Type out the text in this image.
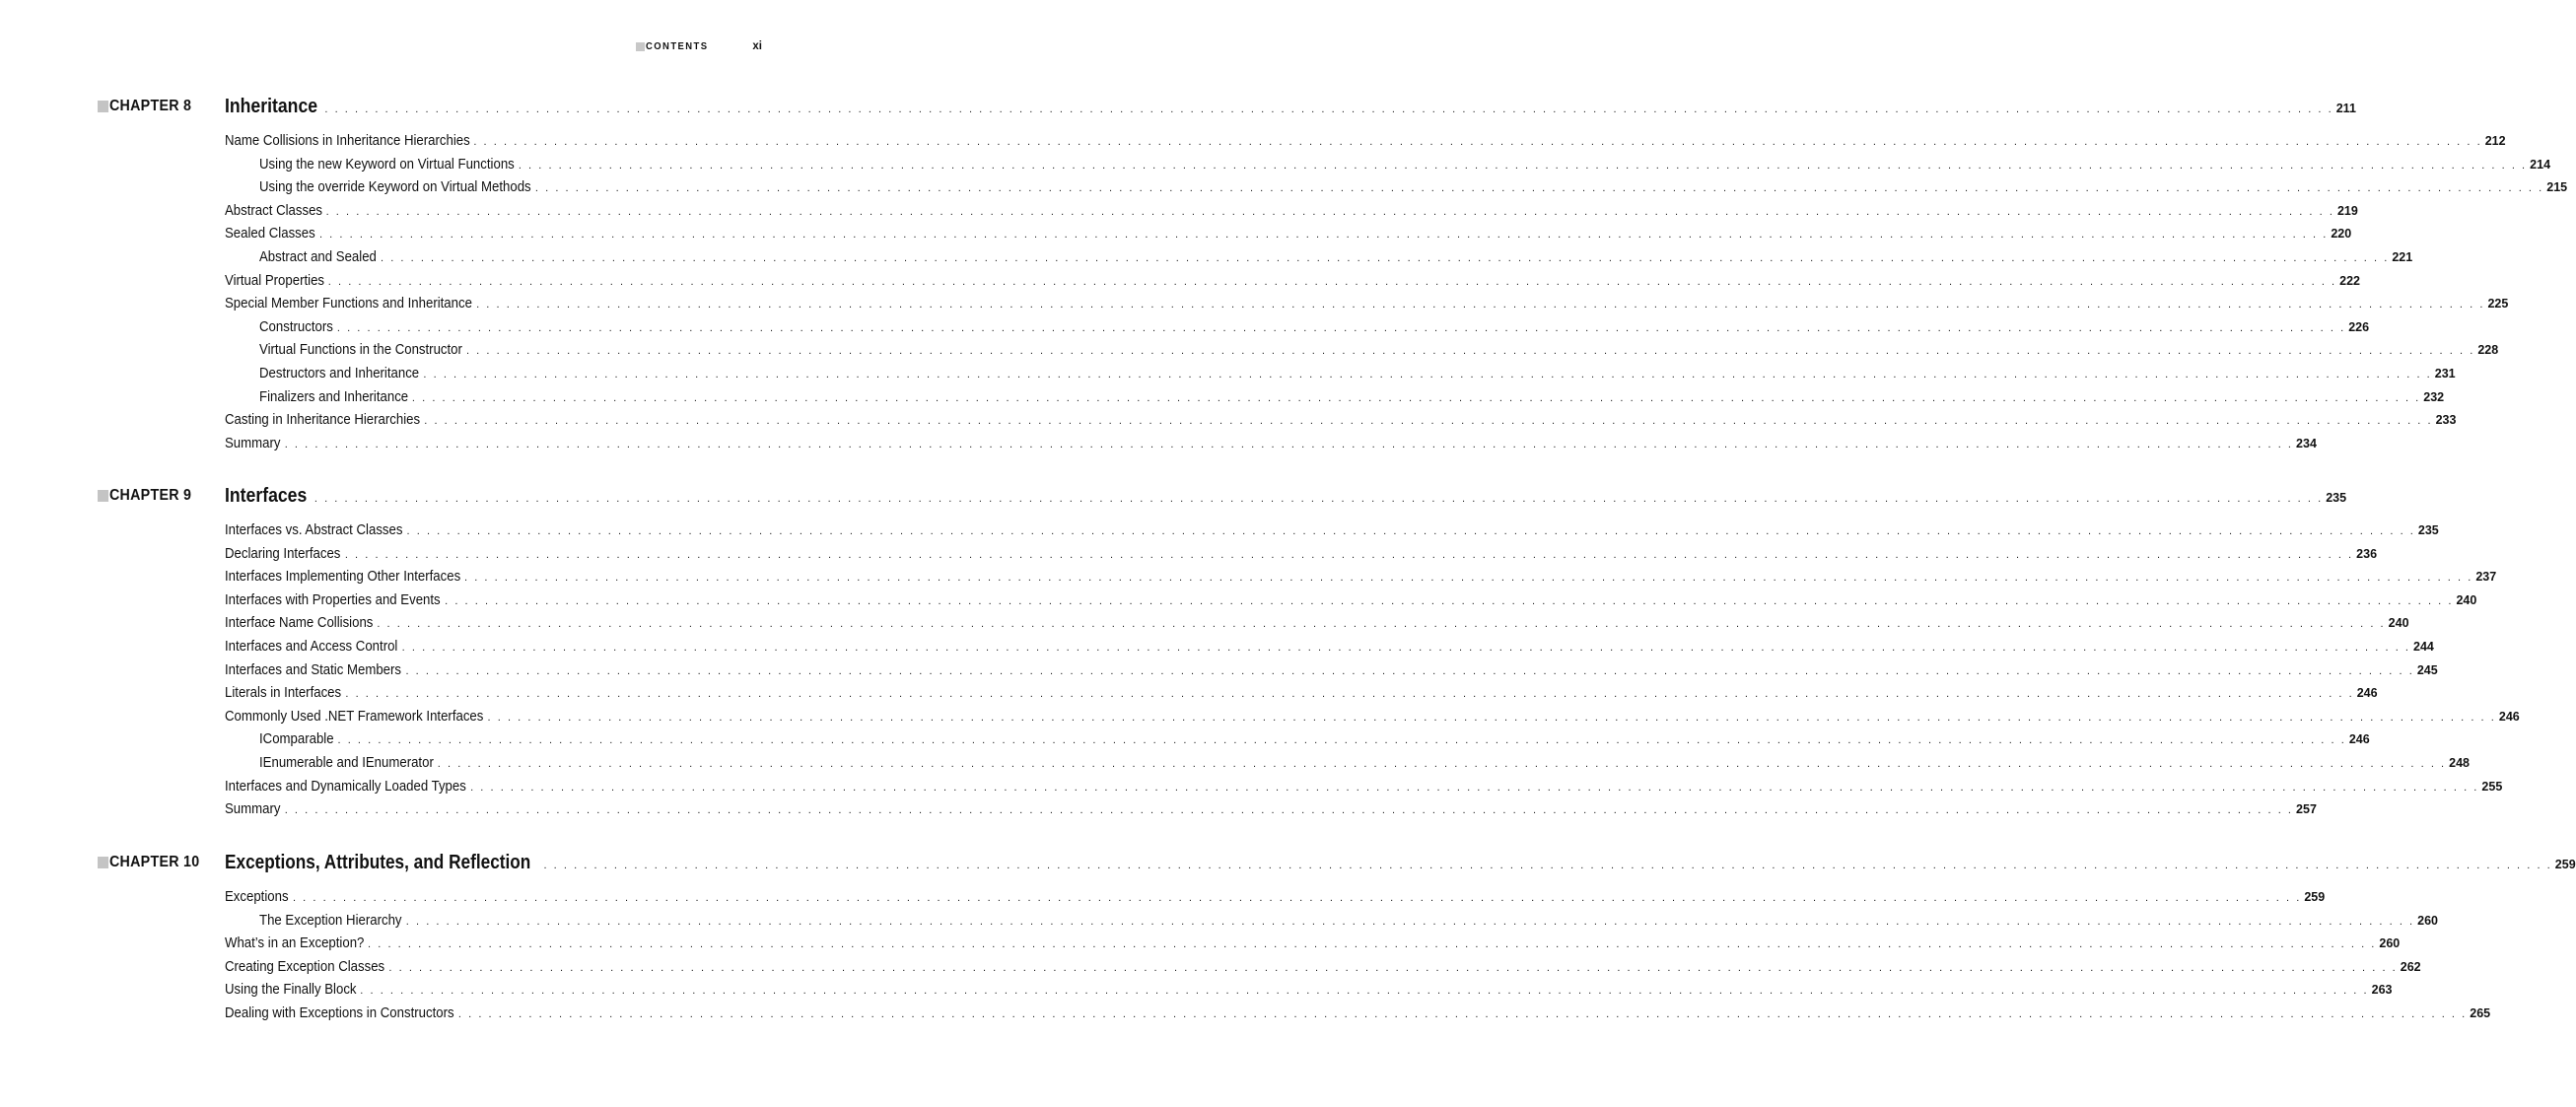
CONTENTS	xi
CHAPTER 8 Inheritance . . . . . . . . . . . . . . . . . . . . . . . . . . . . . . . . . . . . . . . . . . . . . . . . . . . . . . . . . . . . . . . . . . . . . . . . . . . . . . . . . . . . . . . . . . . . . . . . . . . . . . . . . . . . . . . . . . . . . . . . . . . . . . . . . . . . . . . . . . . . . . . . . . . . . . . . . . . . . . . . . . . . . . . . . . . . . . . . . . . . . . . . . . . . . . . . . . . . . . . . 211
Name Collisions in Inheritance Hierarchies . . . . . . . . . . . . . . . . . . . . . . . . . . . . . . . . . . . . . . . . . . . . . . . . . . . . . . . . . . . . . . . . . . . . . . . . . . . . . . . . . . . . . . . . . . . . . . . . . . . . . . . . . . . . . . . . . . . . . . . . . . . . . . . . . . . . . . . . . . . . . . . . . . . . . . . . . . . . . . . . . . . . . . . . . . . . . . . . . . . . . . . . . . . . . . . . . . . . . . . . 212
Using the new Keyword on Virtual Functions . . . . . . . . . . . . . . . . . . . . . . . . . . . . . . . . . . . . . . . . . . . . . . . . . . . . . . . . . . . . . . . . . . . . . . . . . . . . . . . . . . . . . . . . . . . . . . . . . . . . . . . . . . . . . . . . . . . . . . . . . . . . . . . . . . . . . . . . . . . . . . . . . . . . . . . . . . . . . . . . . . . . . . . . . . . . . . . . . . . . . . . . . . . . . . . . . . . . . . . . 214
Using the override Keyword on Virtual Methods . . . . . . . . . . . . . . . . . . . . . . . . . . . . . . . . . . . . . . . . . . . . . . . . . . . . . . . . . . . . . . . . . . . . . . . . . . . . . . . . . . . . . . . . . . . . . . . . . . . . . . . . . . . . . . . . . . . . . . . . . . . . . . . . . . . . . . . . . . . . . . . . . . . . . . . . . . . . . . . . . . . . . . . . . . . . . . . . . . . . . . . . . . . . . . . . . . . . . . . . 215
Abstract Classes . . . . . . . . . . . . . . . . . . . . . . . . . . . . . . . . . . . . . . . . . . . . . . . . . . . . . . . . . . . . . . . . . . . . . . . . . . . . . . . . . . . . . . . . . . . . . . . . . . . . . . . . . . . . . . . . . . . . . . . . . . . . . . . . . . . . . . . . . . . . . . . . . . . . . . . . . . . . . . . . . . . . . . . . . . . . . . . . . . . . . . . . . . . . . . . . . . . . . . . . 219
Sealed Classes . . . . . . . . . . . . . . . . . . . . . . . . . . . . . . . . . . . . . . . . . . . . . . . . . . . . . . . . . . . . . . . . . . . . . . . . . . . . . . . . . . . . . . . . . . . . . . . . . . . . . . . . . . . . . . . . . . . . . . . . . . . . . . . . . . . . . . . . . . . . . . . . . . . . . . . . . . . . . . . . . . . . . . . . . . . . . . . . . . . . . . . . . . . . . . . . . . . . . . . . 220
Abstract and Sealed . . . . . . . . . . . . . . . . . . . . . . . . . . . . . . . . . . . . . . . . . . . . . . . . . . . . . . . . . . . . . . . . . . . . . . . . . . . . . . . . . . . . . . . . . . . . . . . . . . . . . . . . . . . . . . . . . . . . . . . . . . . . . . . . . . . . . . . . . . . . . . . . . . . . . . . . . . . . . . . . . . . . . . . . . . . . . . . . . . . . . . . . . . . . . . . . . . . . . . . . 221
Virtual Properties . . . . . . . . . . . . . . . . . . . . . . . . . . . . . . . . . . . . . . . . . . . . . . . . . . . . . . . . . . . . . . . . . . . . . . . . . . . . . . . . . . . . . . . . . . . . . . . . . . . . . . . . . . . . . . . . . . . . . . . . . . . . . . . . . . . . . . . . . . . . . . . . . . . . . . . . . . . . . . . . . . . . . . . . . . . . . . . . . . . . . . . . . . . . . . . . . . . . . . . . 222
Special Member Functions and Inheritance . . . . . . . . . . . . . . . . . . . . . . . . . . . . . . . . . . . . . . . . . . . . . . . . . . . . . . . . . . . . . . . . . . . . . . . . . . . . . . . . . . . . . . . . . . . . . . . . . . . . . . . . . . . . . . . . . . . . . . . . . . . . . . . . . . . . . . . . . . . . . . . . . . . . . . . . . . . . . . . . . . . . . . . . . . . . . . . . . . . . . . . . . . . . . . . . . . . . . . . . 225
Constructors . . . . . . . . . . . . . . . . . . . . . . . . . . . . . . . . . . . . . . . . . . . . . . . . . . . . . . . . . . . . . . . . . . . . . . . . . . . . . . . . . . . . . . . . . . . . . . . . . . . . . . . . . . . . . . . . . . . . . . . . . . . . . . . . . . . . . . . . . . . . . . . . . . . . . . . . . . . . . . . . . . . . . . . . . . . . . . . . . . . . . . . . . . . . . . . . . . . . . . . . 226
Virtual Functions in the Constructor . . . . . . . . . . . . . . . . . . . . . . . . . . . . . . . . . . . . . . . . . . . . . . . . . . . . . . . . . . . . . . . . . . . . . . . . . . . . . . . . . . . . . . . . . . . . . . . . . . . . . . . . . . . . . . . . . . . . . . . . . . . . . . . . . . . . . . . . . . . . . . . . . . . . . . . . . . . . . . . . . . . . . . . . . . . . . . . . . . . . . . . . . . . . . . . . . . . . . . . . 228
Destructors and Inheritance . . . . . . . . . . . . . . . . . . . . . . . . . . . . . . . . . . . . . . . . . . . . . . . . . . . . . . . . . . . . . . . . . . . . . . . . . . . . . . . . . . . . . . . . . . . . . . . . . . . . . . . . . . . . . . . . . . . . . . . . . . . . . . . . . . . . . . . . . . . . . . . . . . . . . . . . . . . . . . . . . . . . . . . . . . . . . . . . . . . . . . . . . . . . . . . . . . . . . . . . 231
Finalizers and Inheritance . . . . . . . . . . . . . . . . . . . . . . . . . . . . . . . . . . . . . . . . . . . . . . . . . . . . . . . . . . . . . . . . . . . . . . . . . . . . . . . . . . . . . . . . . . . . . . . . . . . . . . . . . . . . . . . . . . . . . . . . . . . . . . . . . . . . . . . . . . . . . . . . . . . . . . . . . . . . . . . . . . . . . . . . . . . . . . . . . . . . . . . . . . . . . . . . . . . . . . . . 232
Casting in Inheritance Hierarchies . . . . . . . . . . . . . . . . . . . . . . . . . . . . . . . . . . . . . . . . . . . . . . . . . . . . . . . . . . . . . . . . . . . . . . . . . . . . . . . . . . . . . . . . . . . . . . . . . . . . . . . . . . . . . . . . . . . . . . . . . . . . . . . . . . . . . . . . . . . . . . . . . . . . . . . . . . . . . . . . . . . . . . . . . . . . . . . . . . . . . . . . . . . . . . . . . . . . . . . . 233
Summary . . . . . . . . . . . . . . . . . . . . . . . . . . . . . . . . . . . . . . . . . . . . . . . . . . . . . . . . . . . . . . . . . . . . . . . . . . . . . . . . . . . . . . . . . . . . . . . . . . . . . . . . . . . . . . . . . . . . . . . . . . . . . . . . . . . . . . . . . . . . . . . . . . . . . . . . . . . . . . . . . . . . . . . . . . . . . . . . . . . . . . . . . . . . . . . . . . . . . . . . 234
CHAPTER 9 Interfaces . . . . . . . . . . . . . . . . . . . . . . . . . . . . . . . . . . . . . . . . . . . . . . . . . . . . . . . . . . . . . . . . . . . . . . . . . . . . . . . . . . . . . . . . . . . . . . . . . . . . . . . . . . . . . . . . . . . . . . . . . . . . . . . . . . . . . . . . . . . . . . . . . . . . . . . . . . . . . . . . . . . . . . . . . . . . . . . . . . . . . . . . . . . . . . . . . . . . . . . . 235
Interfaces vs. Abstract Classes . . . . . . . . . . . . . . . . . . . . . . . . . . . . . . . . . . . . . . . . . . . . . . . . . . . . . . . . . . . . . . . . . . . . . . . . . . . . . . . . . . . . . . . . . . . . . . . . . . . . . . . . . . . . . . . . . . . . . . . . . . . . . . . . . . . . . . . . . . . . . . . . . . . . . . . . . . . . . . . . . . . . . . . . . . . . . . . . . . . . . . . . . . . . . . . . . . . . . . . . 235
Declaring Interfaces . . . . . . . . . . . . . . . . . . . . . . . . . . . . . . . . . . . . . . . . . . . . . . . . . . . . . . . . . . . . . . . . . . . . . . . . . . . . . . . . . . . . . . . . . . . . . . . . . . . . . . . . . . . . . . . . . . . . . . . . . . . . . . . . . . . . . . . . . . . . . . . . . . . . . . . . . . . . . . . . . . . . . . . . . . . . . . . . . . . . . . . . . . . . . . . . . . . . . . . . 236
Interfaces Implementing Other Interfaces . . . . . . . . . . . . . . . . . . . . . . . . . . . . . . . . . . . . . . . . . . . . . . . . . . . . . . . . . . . . . . . . . . . . . . . . . . . . . . . . . . . . . . . . . . . . . . . . . . . . . . . . . . . . . . . . . . . . . . . . . . . . . . . . . . . . . . . . . . . . . . . . . . . . . . . . . . . . . . . . . . . . . . . . . . . . . . . . . . . . . . . . . . . . . . . . . . . . . . . . 237
Interfaces with Properties and Events . . . . . . . . . . . . . . . . . . . . . . . . . . . . . . . . . . . . . . . . . . . . . . . . . . . . . . . . . . . . . . . . . . . . . . . . . . . . . . . . . . . . . . . . . . . . . . . . . . . . . . . . . . . . . . . . . . . . . . . . . . . . . . . . . . . . . . . . . . . . . . . . . . . . . . . . . . . . . . . . . . . . . . . . . . . . . . . . . . . . . . . . . . . . . . . . . . . . . . . . 240
Interface Name Collisions . . . . . . . . . . . . . . . . . . . . . . . . . . . . . . . . . . . . . . . . . . . . . . . . . . . . . . . . . . . . . . . . . . . . . . . . . . . . . . . . . . . . . . . . . . . . . . . . . . . . . . . . . . . . . . . . . . . . . . . . . . . . . . . . . . . . . . . . . . . . . . . . . . . . . . . . . . . . . . . . . . . . . . . . . . . . . . . . . . . . . . . . . . . . . . . . . . . . . . . . 240
Interfaces and Access Control . . . . . . . . . . . . . . . . . . . . . . . . . . . . . . . . . . . . . . . . . . . . . . . . . . . . . . . . . . . . . . . . . . . . . . . . . . . . . . . . . . . . . . . . . . . . . . . . . . . . . . . . . . . . . . . . . . . . . . . . . . . . . . . . . . . . . . . . . . . . . . . . . . . . . . . . . . . . . . . . . . . . . . . . . . . . . . . . . . . . . . . . . . . . . . . . . . . . . . . . 244
Interfaces and Static Members . . . . . . . . . . . . . . . . . . . . . . . . . . . . . . . . . . . . . . . . . . . . . . . . . . . . . . . . . . . . . . . . . . . . . . . . . . . . . . . . . . . . . . . . . . . . . . . . . . . . . . . . . . . . . . . . . . . . . . . . . . . . . . . . . . . . . . . . . . . . . . . . . . . . . . . . . . . . . . . . . . . . . . . . . . . . . . . . . . . . . . . . . . . . . . . . . . . . . . . . 245
Literals in Interfaces . . . . . . . . . . . . . . . . . . . . . . . . . . . . . . . . . . . . . . . . . . . . . . . . . . . . . . . . . . . . . . . . . . . . . . . . . . . . . . . . . . . . . . . . . . . . . . . . . . . . . . . . . . . . . . . . . . . . . . . . . . . . . . . . . . . . . . . . . . . . . . . . . . . . . . . . . . . . . . . . . . . . . . . . . . . . . . . . . . . . . . . . . . . . . . . . . . . . . . . . 246
Commonly Used .NET Framework Interfaces . . . . . . . . . . . . . . . . . . . . . . . . . . . . . . . . . . . . . . . . . . . . . . . . . . . . . . . . . . . . . . . . . . . . . . . . . . . . . . . . . . . . . . . . . . . . . . . . . . . . . . . . . . . . . . . . . . . . . . . . . . . . . . . . . . . . . . . . . . . . . . . . . . . . . . . . . . . . . . . . . . . . . . . . . . . . . . . . . . . . . . . . . . . . . . . . . . . . . . . . 246
IComparable . . . . . . . . . . . . . . . . . . . . . . . . . . . . . . . . . . . . . . . . . . . . . . . . . . . . . . . . . . . . . . . . . . . . . . . . . . . . . . . . . . . . . . . . . . . . . . . . . . . . . . . . . . . . . . . . . . . . . . . . . . . . . . . . . . . . . . . . . . . . . . . . . . . . . . . . . . . . . . . . . . . . . . . . . . . . . . . . . . . . . . . . . . . . . . . . . . . . . . . . 246
IEnumerable and IEnumerator . . . . . . . . . . . . . . . . . . . . . . . . . . . . . . . . . . . . . . . . . . . . . . . . . . . . . . . . . . . . . . . . . . . . . . . . . . . . . . . . . . . . . . . . . . . . . . . . . . . . . . . . . . . . . . . . . . . . . . . . . . . . . . . . . . . . . . . . . . . . . . . . . . . . . . . . . . . . . . . . . . . . . . . . . . . . . . . . . . . . . . . . . . . . . . . . . . . . . . . . 248
Interfaces and Dynamically Loaded Types . . . . . . . . . . . . . . . . . . . . . . . . . . . . . . . . . . . . . . . . . . . . . . . . . . . . . . . . . . . . . . . . . . . . . . . . . . . . . . . . . . . . . . . . . . . . . . . . . . . . . . . . . . . . . . . . . . . . . . . . . . . . . . . . . . . . . . . . . . . . . . . . . . . . . . . . . . . . . . . . . . . . . . . . . . . . . . . . . . . . . . . . . . . . . . . . . . . . . . . . 255
Summary . . . . . . . . . . . . . . . . . . . . . . . . . . . . . . . . . . . . . . . . . . . . . . . . . . . . . . . . . . . . . . . . . . . . . . . . . . . . . . . . . . . . . . . . . . . . . . . . . . . . . . . . . . . . . . . . . . . . . . . . . . . . . . . . . . . . . . . . . . . . . . . . . . . . . . . . . . . . . . . . . . . . . . . . . . . . . . . . . . . . . . . . . . . . . . . . . . . . . . . . 257
CHAPTER 10 Exceptions, Attributes, and Reflection . . . . . . . . . . . . . . . . . . . . . . . . . . . . . . . . . . . . . . . . . . . . . . . . . . . . . . . . . . . . . . . . . . . . . . . . . . . . . . . . . . . . . . . . . . . . . . . . . . . . . . . . . . . . . . . . . . . . . . . . . . . . . . . . . . . . . . . . . . . . . . . . . . . . . . . . . . . . . . . . . . . . . . . . . . . . . . . . . . . . . . . . . . . . . . . . . . . . . . . . 259
Exceptions . . . . . . . . . . . . . . . . . . . . . . . . . . . . . . . . . . . . . . . . . . . . . . . . . . . . . . . . . . . . . . . . . . . . . . . . . . . . . . . . . . . . . . . . . . . . . . . . . . . . . . . . . . . . . . . . . . . . . . . . . . . . . . . . . . . . . . . . . . . . . . . . . . . . . . . . . . . . . . . . . . . . . . . . . . . . . . . . . . . . . . . . . . . . . . . . . . . . . . . . 259
The Exception Hierarchy . . . . . . . . . . . . . . . . . . . . . . . . . . . . . . . . . . . . . . . . . . . . . . . . . . . . . . . . . . . . . . . . . . . . . . . . . . . . . . . . . . . . . . . . . . . . . . . . . . . . . . . . . . . . . . . . . . . . . . . . . . . . . . . . . . . . . . . . . . . . . . . . . . . . . . . . . . . . . . . . . . . . . . . . . . . . . . . . . . . . . . . . . . . . . . . . . . . . . . . . 260
What’s in an Exception? . . . . . . . . . . . . . . . . . . . . . . . . . . . . . . . . . . . . . . . . . . . . . . . . . . . . . . . . . . . . . . . . . . . . . . . . . . . . . . . . . . . . . . . . . . . . . . . . . . . . . . . . . . . . . . . . . . . . . . . . . . . . . . . . . . . . . . . . . . . . . . . . . . . . . . . . . . . . . . . . . . . . . . . . . . . . . . . . . . . . . . . . . . . . . . . . . . . . . . . . 260
Creating Exception Classes . . . . . . . . . . . . . . . . . . . . . . . . . . . . . . . . . . . . . . . . . . . . . . . . . . . . . . . . . . . . . . . . . . . . . . . . . . . . . . . . . . . . . . . . . . . . . . . . . . . . . . . . . . . . . . . . . . . . . . . . . . . . . . . . . . . . . . . . . . . . . . . . . . . . . . . . . . . . . . . . . . . . . . . . . . . . . . . . . . . . . . . . . . . . . . . . . . . . . . . . 262
Using the Finally Block . . . . . . . . . . . . . . . . . . . . . . . . . . . . . . . . . . . . . . . . . . . . . . . . . . . . . . . . . . . . . . . . . . . . . . . . . . . . . . . . . . . . . . . . . . . . . . . . . . . . . . . . . . . . . . . . . . . . . . . . . . . . . . . . . . . . . . . . . . . . . . . . . . . . . . . . . . . . . . . . . . . . . . . . . . . . . . . . . . . . . . . . . . . . . . . . . . . . . . . . 263
Dealing with Exceptions in Constructors . . . . . . . . . . . . . . . . . . . . . . . . . . . . . . . . . . . . . . . . . . . . . . . . . . . . . . . . . . . . . . . . . . . . . . . . . . . . . . . . . . . . . . . . . . . . . . . . . . . . . . . . . . . . . . . . . . . . . . . . . . . . . . . . . . . . . . . . . . . . . . . . . . . . . . . . . . . . . . . . . . . . . . . . . . . . . . . . . . . . . . . . . . . . . . . . . . . . . . . . 265
